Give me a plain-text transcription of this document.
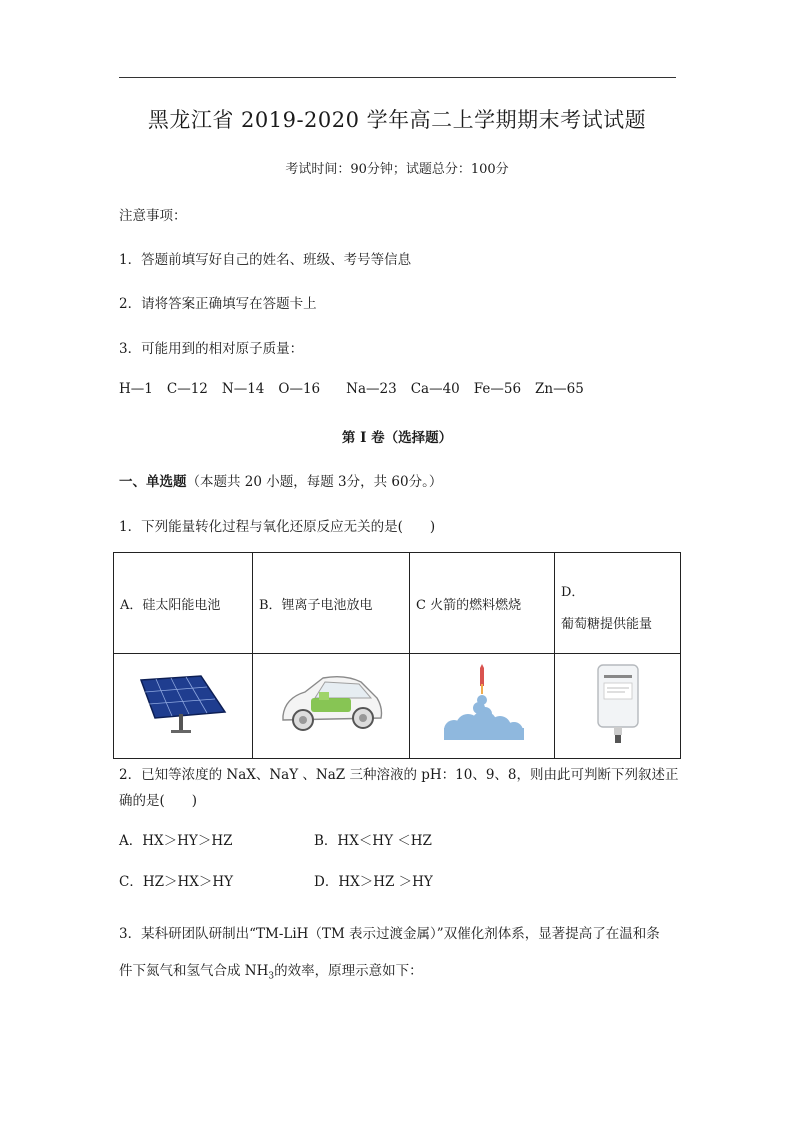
黑龙江省 2019-2020 学年高二上学期期末考试试题
考试时间：90分钟；试题总分：100分
注意事项：
1．答题前填写好自己的姓名、班级、考号等信息
2．请将答案正确填写在答题卡上
3．可能用到的相对原子质量：
H—1 C—12 N—14 O—16 Na—23 Ca—40 Fe—56 Zn—65
第 I 卷（选择题）
一、单选题（本题共 20 小题，每题 3分，共 60分。）
1．下列能量转化过程与氧化还原反应无关的是(　　)
A．硅太阳能电池	B．锂离子电池放电	C 火箭的燃料燃烧	D．
葡萄糖提供能量

2．已知等浓度的 NaX、NaY 、NaZ 三种溶液的 pH：10、9、8，则由此可判断下列叙述正
确的是(　　)
A．HX＞HY＞HZ	B．HX＜HY ＜HZ
C．HZ＞HX＞HY	D．HX＞HZ ＞HY
3．某科研团队研制出“TM-LiH（TM 表示过渡金属）”双催化剂体系，显著提高了在温和条
件下氮气和氢气合成 $NH_3$的效率，原理示意如下：
